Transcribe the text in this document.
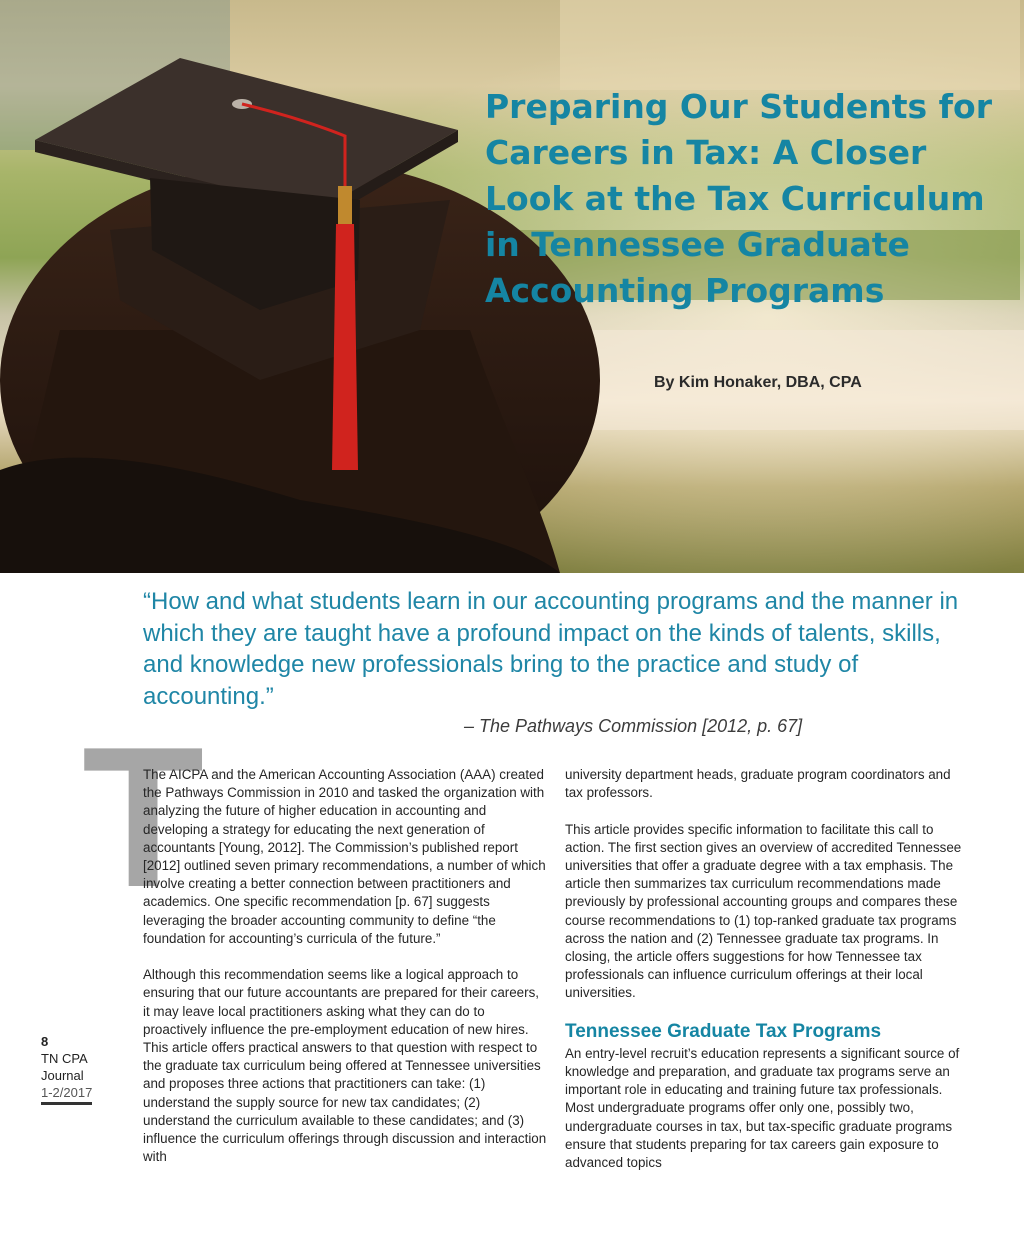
Preparing Our Students for Careers in Tax: A Closer Look at the Tax Curriculum in Tennessee Graduate Accounting Programs

By Kim Honaker, DBA, CPA

“How and what students learn in our accounting programs and the manner in which they are taught have a profound impact on the kinds of talents, skills, and knowledge new professionals bring to the practice and study of accounting.”

– The Pathways Commission [2012, p. 67]

T

The AICPA and the American Accounting Association (AAA) created the Pathways Commission in 2010 and tasked the organization with analyzing the future of higher education in accounting and developing a strategy for educating the next generation of accountants [Young, 2012]. The Commission’s published report [2012] outlined seven primary recommendations, a number of which involve creating a better connection between practitioners and academics. One specific recommendation [p. 67] suggests leveraging the broader accounting community to define “the foundation for accounting’s curricula of the future.”

Although this recommendation seems like a logical approach to ensuring that our future accountants are prepared for their careers, it may leave local practitioners asking what they can do to proactively influence the pre-employment education of new hires. This article offers practical answers to that question with respect to the graduate tax curriculum being offered at Tennessee universities and proposes three actions that practitioners can take: (1) understand the supply source for new tax candidates; (2) understand the curriculum available to these candidates; and (3) influence the curriculum offerings through discussion and interaction with

university department heads, graduate program coordinators and tax professors.

This article provides specific information to facilitate this call to action. The first section gives an overview of accredited Tennessee universities that offer a graduate degree with a tax emphasis. The article then summarizes tax curriculum recommendations made previously by professional accounting groups and compares these course recommendations to (1) top-ranked graduate tax programs across the nation and (2) Tennessee graduate tax programs. In closing, the article offers suggestions for how Tennessee tax professionals can influence curriculum offerings at their local universities.

Tennessee Graduate Tax Programs

An entry-level recruit’s education represents a significant source of knowledge and preparation, and graduate tax programs serve an important role in educating and training future tax professionals. Most undergraduate programs offer only one, possibly two, undergraduate courses in tax, but tax-specific graduate programs ensure that students preparing for tax careers gain exposure to advanced topics

8
TN CPA
Journal
1-2/2017
